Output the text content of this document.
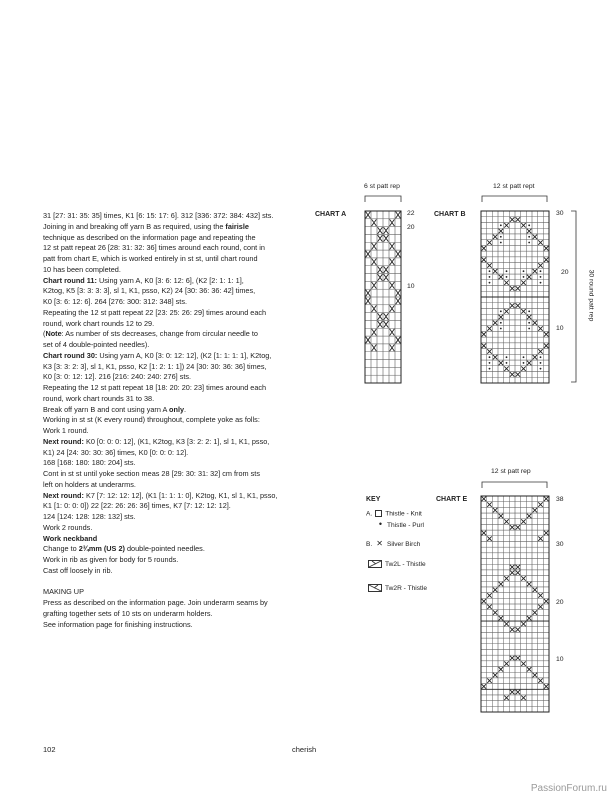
31 [27: 31: 35: 35] times, K1 [6: 15: 17: 6]. 312 [336: 372: 384: 432] sts.

Joining in and breaking off yarn B as required, using the fairisle

technique as described on the information page and repeating the

12 st patt repeat 26 [28: 31: 32: 36] times around each round, cont in

patt from chart E, which is worked entirely in st st, until chart round

10 has been completed.

Chart round 11: Using yarn A, K0 [3: 6: 12: 6], (K2 [2: 1: 1: 1],

K2tog, K5 [3: 3: 3: 3], sl 1, K1, psso, K2) 24 [30: 36: 36: 42] times,

K0 [3: 6: 12: 6]. 264 [276: 300: 312: 348] sts.

Repeating the 12 st patt repeat 22 [23: 25: 26: 29] times around each

round, work chart rounds 12 to 29.

(Note: As number of sts decreases, change from circular needle to

set of 4 double-pointed needles).

Chart round 30: Using yarn A, K0 [3: 0: 12: 12], (K2 [1: 1: 1: 1], K2tog,

K3 [3: 3: 2: 3], sl 1, K1, psso, K2 [1: 2: 1: 1]) 24 [30: 30: 36: 36] times,

K0 [3: 0: 12: 12]. 216 [216: 240: 240: 276] sts.

Repeating the 12 st patt repeat 18 [18: 20: 20: 23] times around each

round, work chart rounds 31 to 38.

Break off yarn B and cont using yarn A only.

Working in st st (K every round) throughout, complete yoke as folls:

Work 1 round.

Next round: K0 [0: 0: 0: 12], (K1, K2tog, K3 [3: 2: 2: 1], sl 1, K1, psso,

K1) 24 [24: 30: 30: 36] times, K0 [0: 0: 0: 12].

168 [168: 180: 180: 204] sts.

Cont in st st until yoke section meas 28 [29: 30: 31: 32] cm from sts

left on holders at underarms.

Next round: K7 [7: 12: 12: 12], (K1 [1: 1: 1: 0], K2tog, K1, sl 1, K1, psso,

K1 [1: 0: 0: 0]) 22 [22: 26: 26: 36] times, K7 [7: 12: 12: 12].

124 [124: 128: 128: 132] sts.

Work 2 rounds.

Work neckband

Change to 2¾mm (US 2) double-pointed needles.

Work in rib as given for body for 5 rounds.

Cast off loosely in rib.

MAKING UP

Press as described on the information page. Join underarm seams by

grafting together sets of 10 sts on underarm holders.

See information page for finishing instructions.

6 st patt rep
CHART A	22
20
10
12 st patt rept
CHART B	30
20
10
30 round patt rep
12 st patt rep
CHART E	38
30
20
10
KEY
A. Thistle - Knit
• Thistle - Purl
B. ✕ Silver Birch
Tw2L - Thistle
Tw2R - Thistle
102	cherish
PassionForum.ru
